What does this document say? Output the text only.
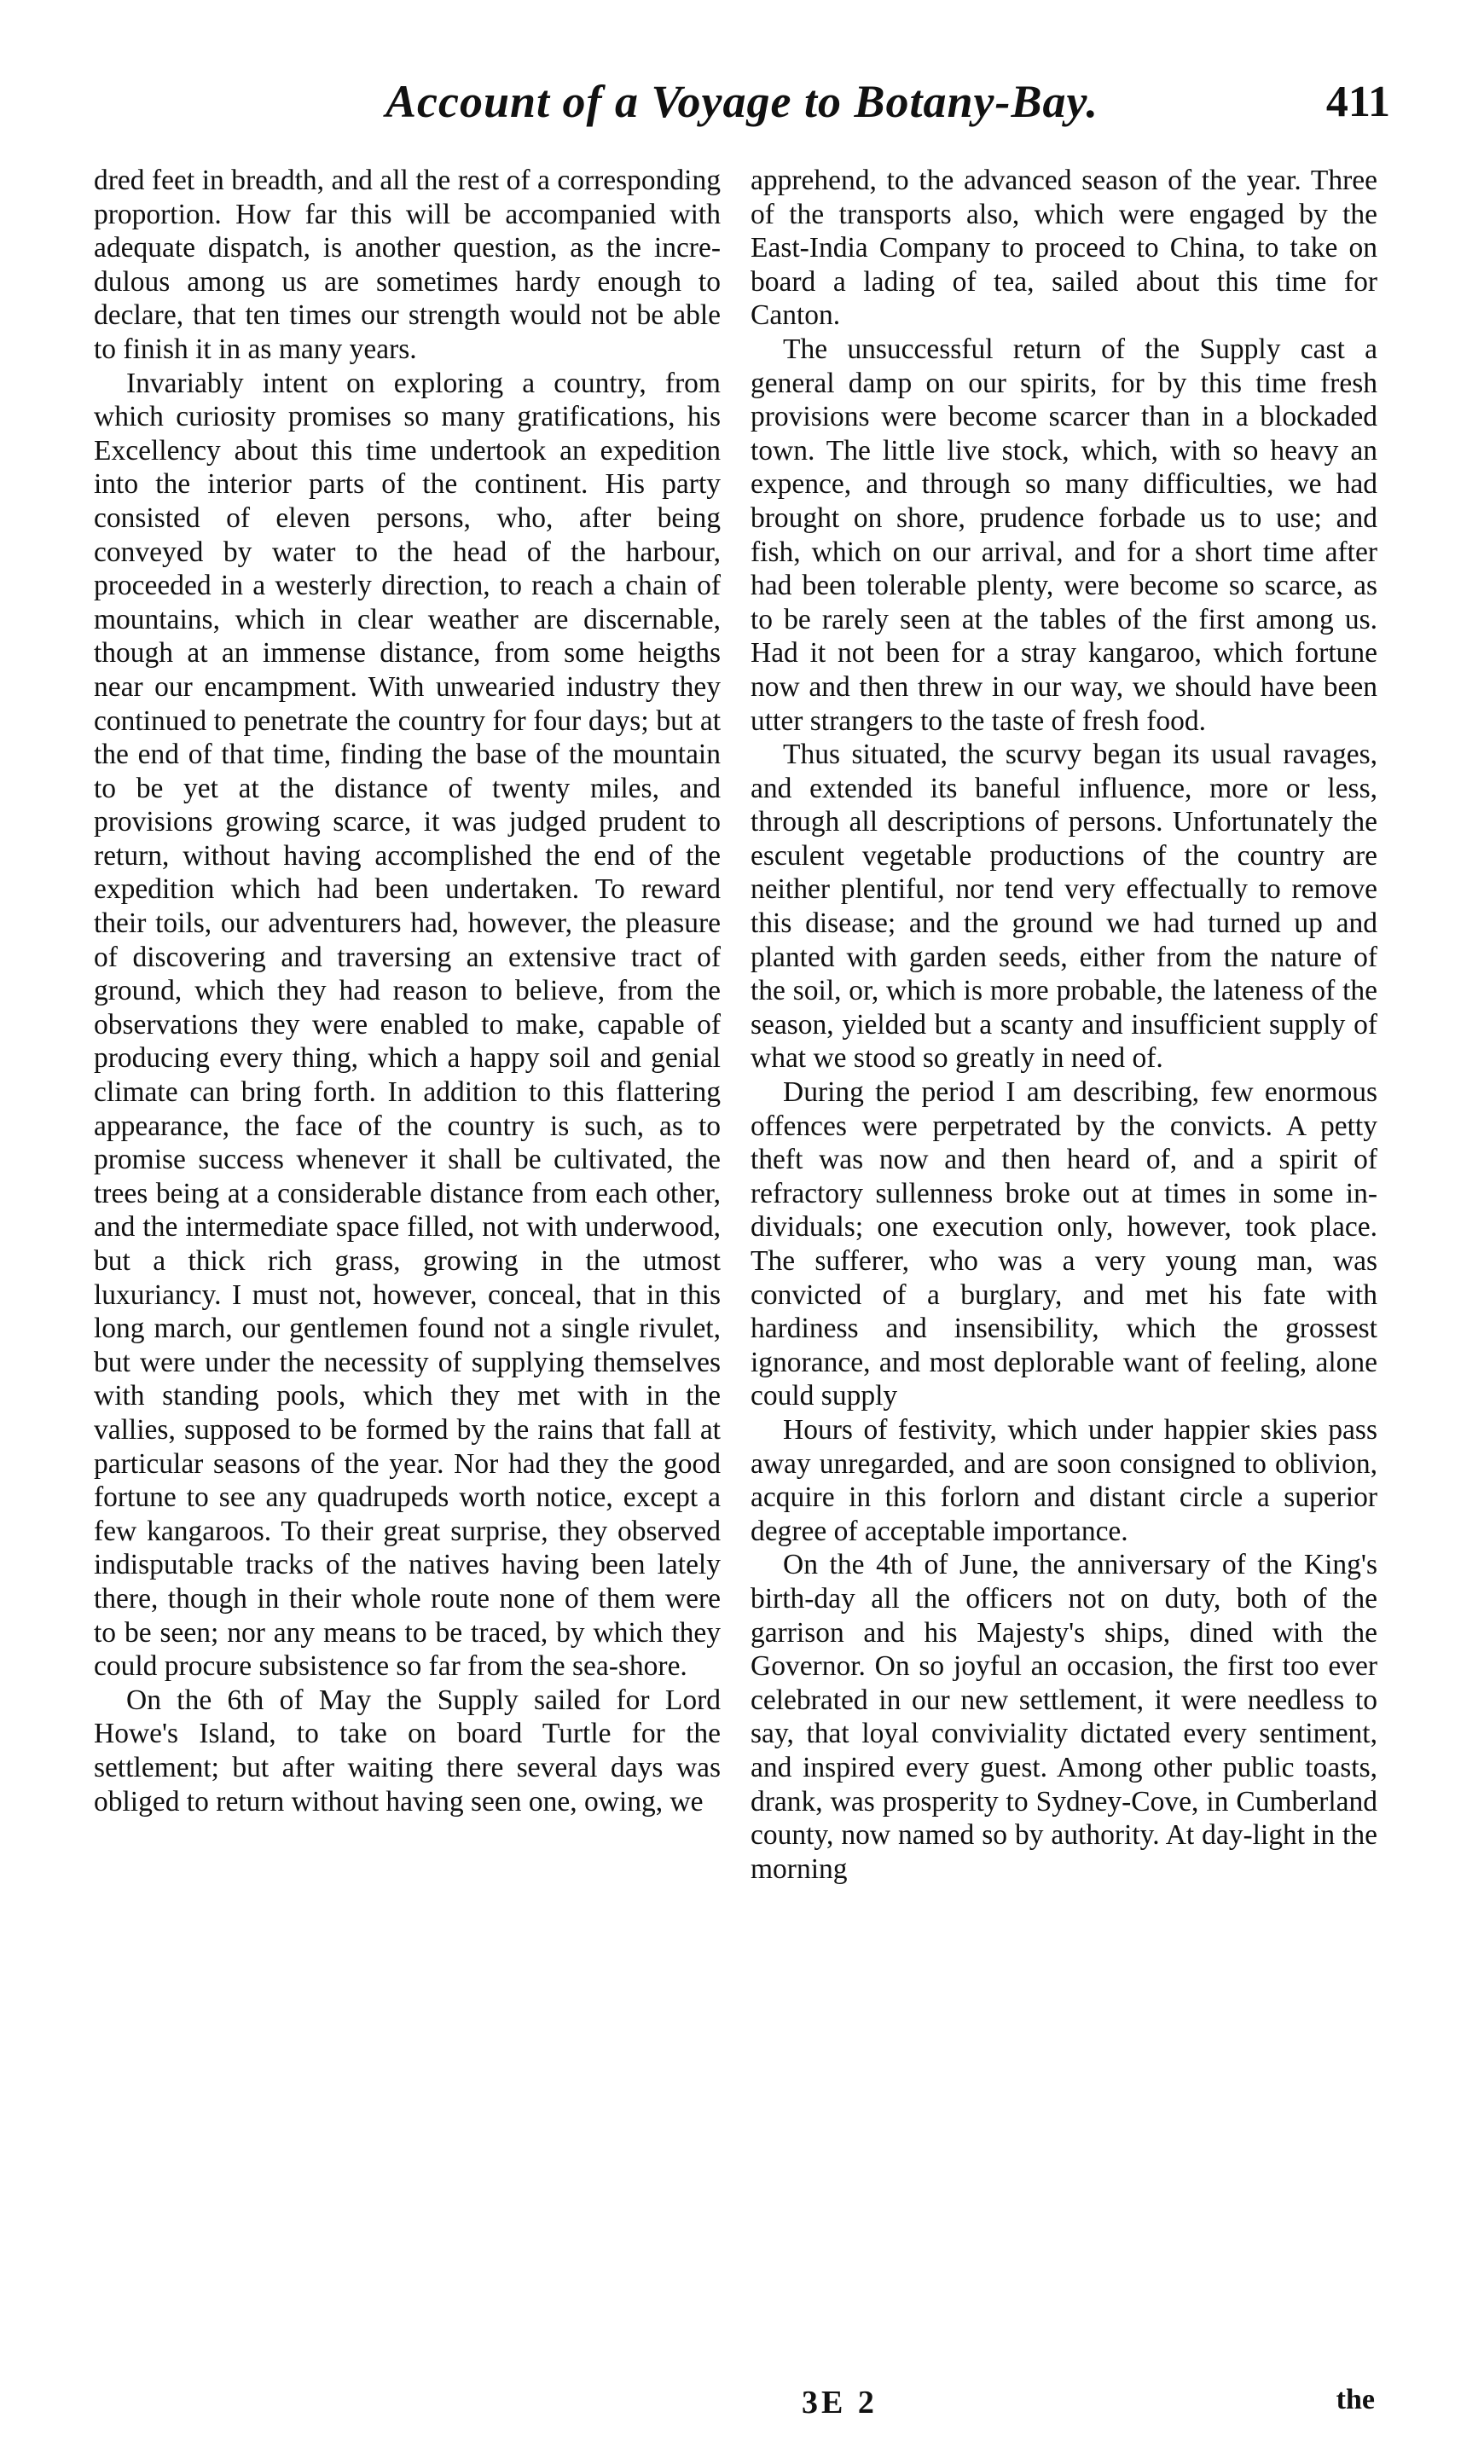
Account of a Voyage to Botany-Bay.	411

dred feet in breadth, and all the rest of a corresponding proportion. How far this will be accompanied with adequate dispatch, is another question, as the incredulous among us are sometimes hardy enough to declare, that ten times our strength would not be able to finish it in as many years.

Invariably intent on exploring a country, from which curiosity promises so many gratifications, his Excellency about this time undertook an expedition into the interior parts of the continent. His party consisted of eleven persons, who, after being conveyed by water to the head of the harbour, proceeded in a westerly direction, to reach a chain of mountains, which in clear weather are discernable, though at an immense distance, from some heigths near our encampment. With unwearied industry they continued to penetrate the country for four days; but at the end of that time, finding the base of the mountain to be yet at the distance of twenty miles, and provisions growing scarce, it was judged prudent to return, without having accomplished the end of the expedition which had been undertaken. To reward their toils, our adventurers had, however, the pleasure of discovering and traversing an extensive tract of ground, which they had reason to believe, from the observations they were enabled to make, capable of producing every thing, which a happy soil and genial climate can bring forth. In addition to this flattering appearance, the face of the country is such, as to promise success whenever it shall be cultivated, the trees being at a considerable distance from each other, and the intermediate space filled, not with underwood, but a thick rich grass, growing in the utmost luxuriancy. I must not, however, conceal, that in this long march, our gentlemen found not a single rivulet, but were under the necessity of supplying themselves with standing pools, which they met with in the vallies, supposed to be formed by the rains that fall at particular seasons of the year. Nor had they the good fortune to see any quadrupeds worth notice, except a few kangaroos. To their great surprise, they observed indisputable tracks of the natives having been lately there, though in their whole route none of them were to be seen; nor any means to be traced, by which they could procure subsistence so far from the sea-shore.

On the 6th of May the Supply sailed for Lord Howe's Island, to take on board Turtle for the settlement; but after waiting there several days was obliged to return without having seen one, owing, we

apprehend, to the advanced season of the year. Three of the transports also, which were engaged by the East-India Company to proceed to China, to take on board a lading of tea, sailed about this time for Canton.

The unsuccessful return of the Supply cast a general damp on our spirits, for by this time fresh provisions were become scarcer than in a blockaded town. The little live stock, which, with so heavy an expence, and through so many difficulties, we had brought on shore, prudence forbade us to use; and fish, which on our arrival, and for a short time after had been tolerable plenty, were become so scarce, as to be rarely seen at the tables of the first among us. Had it not been for a stray kangaroo, which fortune now and then threw in our way, we should have been utter strangers to the taste of fresh food.

Thus situated, the scurvy began its usual ravages, and extended its baneful influence, more or less, through all descriptions of persons. Unfortunately the esculent vegetable productions of the country are neither plentiful, nor tend very effectually to remove this disease; and the ground we had turned up and planted with garden seeds, either from the nature of the soil, or, which is more probable, the lateness of the season, yielded but a scanty and insufficient supply of what we stood so greatly in need of.

During the period I am describing, few enormous offences were perpetrated by the convicts. A petty theft was now and then heard of, and a spirit of refractory sullenness broke out at times in some individuals; one execution only, however, took place. The sufferer, who was a very young man, was convicted of a burglary, and met his fate with hardiness and insensibility, which the grossest ignorance, and most deplorable want of feeling, alone could supply

Hours of festivity, which under happier skies pass away unregarded, and are soon consigned to oblivion, acquire in this forlorn and distant circle a superior degree of acceptable importance.

On the 4th of June, the anniversary of the King's birth-day all the officers not on duty, both of the garrison and his Majesty's ships, dined with the Governor. On so joyful an occasion, the first too ever celebrated in our new settlement, it were needless to say, that loyal conviviality dictated every sentiment, and inspired every guest. Among other public toasts, drank, was prosperity to Sydney-Cove, in Cumberland county, now named so by authority. At day-light in the morning

3E 2	the
